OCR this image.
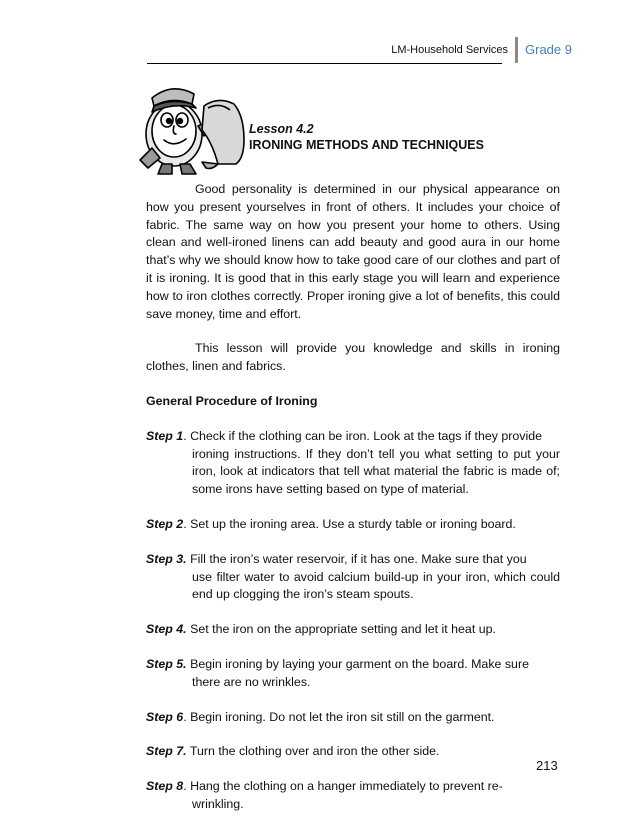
LM-Household Services	Grade 9
Lesson 4.2
IRONING METHODS AND TECHNIQUES

Good personality is determined in our physical appearance on how you present yourselves in front of others. It includes your choice of fabric. The same way on how you present your home to others. Using clean and well-ironed linens can add beauty and good aura in our home that’s why we should know how to take good care of our clothes and part of it is ironing. It is good that in this early stage you will learn and experience how to iron clothes correctly. Proper ironing give a lot of benefits, this could save money, time and effort.

This lesson will provide you knowledge and skills in ironing clothes, linen and fabrics.

General Procedure of Ironing

Step 1. Check if the clothing can be iron. Look at the tags if they provide
ironing instructions. If they don’t tell you what setting to put your iron, look at indicators that tell what material the fabric is made of; some irons have setting based on type of material.
Step 2. Set up the ironing area. Use a sturdy table or ironing board.
Step 3. Fill the iron’s water reservoir, if it has one. Make sure that you
use filter water to avoid calcium build-up in your iron, which could end up clogging the iron’s steam spouts.
Step 4. Set the iron on the appropriate setting and let it heat up.
Step 5. Begin ironing by laying your garment on the board. Make sure
there are no wrinkles.
Step 6. Begin ironing. Do not let the iron sit still on the garment.
Step 7. Turn the clothing over and iron the other side.
Step 8. Hang the clothing on a hanger immediately to prevent re-
wrinkling.
213
